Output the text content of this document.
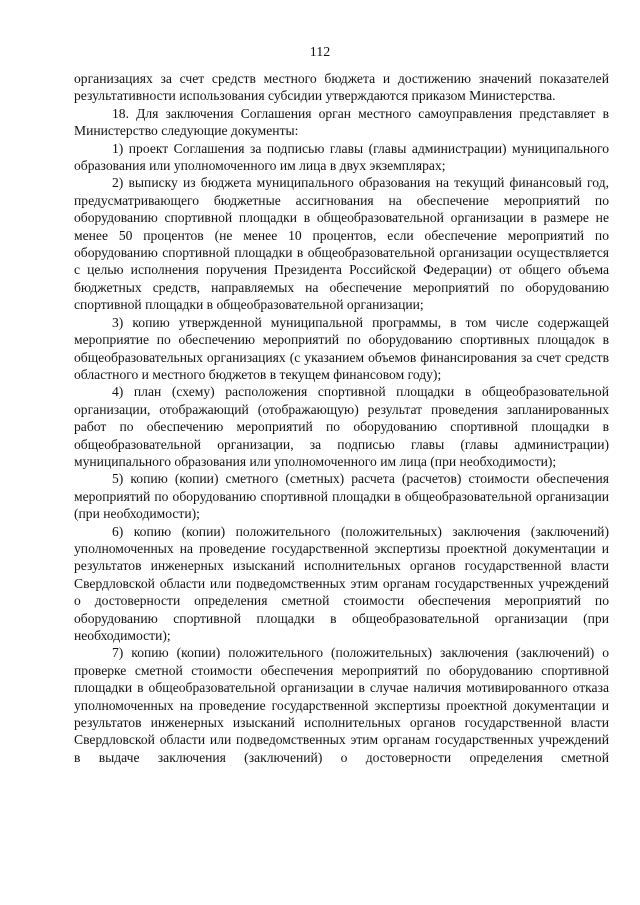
112

организациях за счет средств местного бюджета и достижению значений показателей результативности использования субсидии утверждаются приказом Министерства.

18. Для заключения Соглашения орган местного самоуправления представляет в Министерство следующие документы:

1) проект Соглашения за подписью главы (главы администрации) муниципального образования или уполномоченного им лица в двух экземплярах;

2) выписку из бюджета муниципального образования на текущий финансовый год, предусматривающего бюджетные ассигнования на обеспечение мероприятий по оборудованию спортивной площадки в общеобразовательной организации в размере не менее 50 процентов (не менее 10 процентов, если обеспечение мероприятий по оборудованию спортивной площадки в общеобразовательной организации осуществляется с целью исполнения поручения Президента Российской Федерации) от общего объема бюджетных средств, направляемых на обеспечение мероприятий по оборудованию спортивной площадки в общеобразовательной организации;

3) копию утвержденной муниципальной программы, в том числе содержащей мероприятие по обеспечению мероприятий по оборудованию спортивных площадок в общеобразовательных организациях (с указанием объемов финансирования за счет средств областного и местного бюджетов в текущем финансовом году);

4) план (схему) расположения спортивной площадки в общеобразовательной организации, отображающий (отображающую) результат проведения запланированных работ по обеспечению мероприятий по оборудованию спортивной площадки в общеобразовательной организации, за подписью главы (главы администрации) муниципального образования или уполномоченного им лица (при необходимости);

5) копию (копии) сметного (сметных) расчета (расчетов) стоимости обеспечения мероприятий по оборудованию спортивной площадки в общеобразовательной организации (при необходимости);

6) копию (копии) положительного (положительных) заключения (заключений) уполномоченных на проведение государственной экспертизы проектной документации и результатов инженерных изысканий исполнительных органов государственной власти Свердловской области или подведомственных этим органам государственных учреждений о достоверности определения сметной стоимости обеспечения мероприятий по оборудованию спортивной площадки в общеобразовательной организации (при необходимости);

7) копию (копии) положительного (положительных) заключения (заключений) о проверке сметной стоимости обеспечения мероприятий по оборудованию спортивной площадки в общеобразовательной организации в случае наличия мотивированного отказа уполномоченных на проведение государственной экспертизы проектной документации и результатов инженерных изысканий исполнительных органов государственной власти Свердловской области или подведомственных этим органам государственных учреждений в выдаче заключения (заключений) о достоверности определения сметной
